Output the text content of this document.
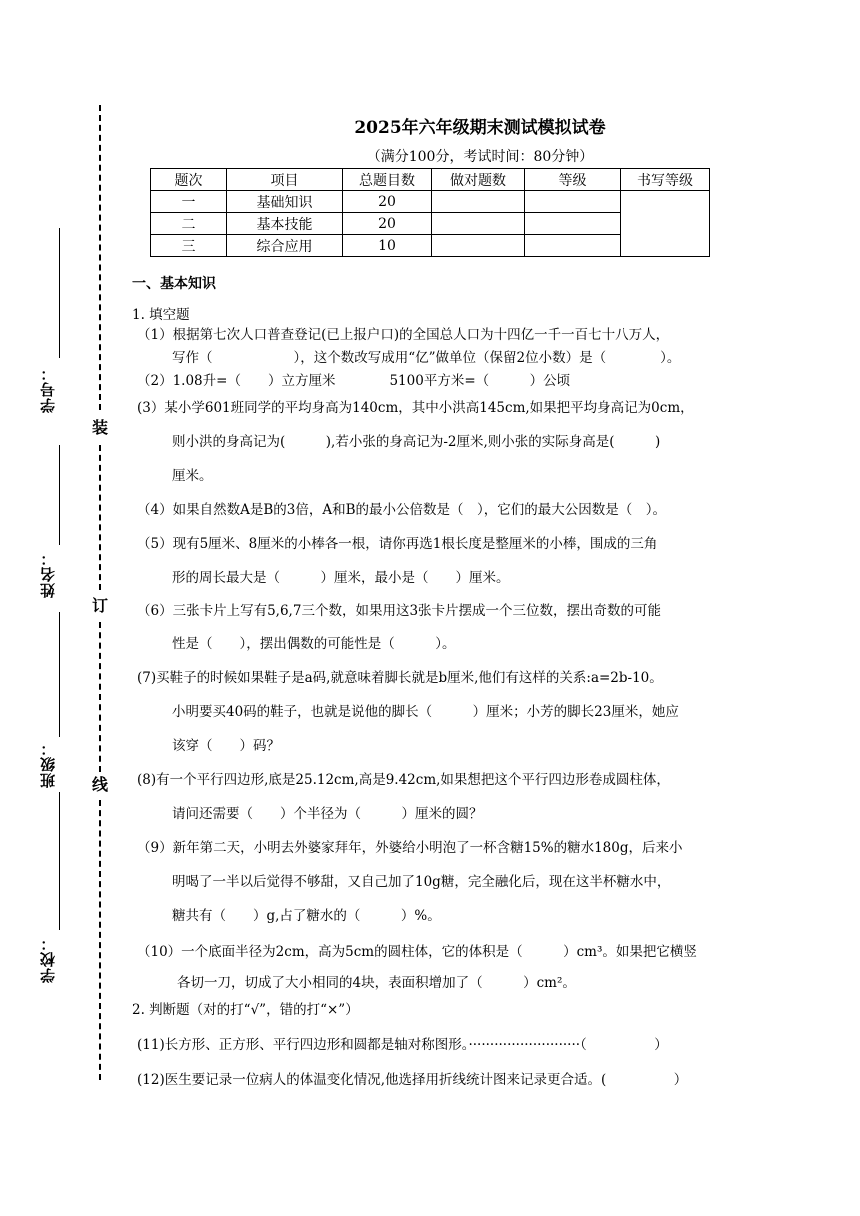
装
订
线
学号：
姓名：
班级：
学校：
2025年六年级期末测试模拟试卷
（满分100分，考试时间：80分钟）
题次	项目	总题目数	做对题数	等级	书写等级
一	基础知识	20			
二	基本技能	20			
三	综合应用	10			
一、基本知识
1. 填空题
（1）根据第七次人口普查登记(已上报户口)的全国总人口为十四亿一千一百七十八万人，
写作（　　　　　　），这个数改写成用“亿”做单位（保留2位小数）是（　　　　）。
（2）1.08升=（　　）立方厘米　　　　5100平方米=（　　　）公顷
(3）某小学601班同学的平均身高为140cm，其中小洪高145cm,如果把平均身高记为0cm，
则小洪的身高记为(　　　),若小张的身高记为-2厘米,则小张的实际身高是(　　　)
厘米。
（4）如果自然数A是B的3倍，A和B的最小公倍数是（　），它们的最大公因数是（　）。
（5）现有5厘米、8厘米的小棒各一根，请你再选1根长度是整厘米的小棒，围成的三角
形的周长最大是（　　　）厘米，最小是（　　）厘米。
（6）三张卡片上写有5,6,7三个数，如果用这3张卡片摆成一个三位数，摆出奇数的可能
性是（　　），摆出偶数的可能性是（　　　）。
(7)买鞋子的时候如果鞋子是a码,就意味着脚长就是b厘米,他们有这样的关系:a=2b-10。
小明要买40码的鞋子，也就是说他的脚长（　　　）厘米；小芳的脚长23厘米，她应
该穿（　　）码？
(8)有一个平行四边形,底是25.12cm,高是9.42cm,如果想把这个平行四边形卷成圆柱体，
请问还需要（　　）个半径为（　　　）厘米的圆？
（9）新年第二天，小明去外婆家拜年，外婆给小明泡了一杯含糖15%的糖水180g，后来小
明喝了一半以后觉得不够甜，又自己加了10g糖，完全融化后，现在这半杯糖水中，
糖共有（　　）g,占了糖水的（　　　）%。
（10）一个底面半径为2cm，高为5cm的圆柱体，它的体积是（　　　）cm³。如果把它横竖
各切一刀，切成了大小相同的4块，表面积增加了（　　　）cm²。
2. 判断题（对的打“√”，错的打“×”）
(11)长方形、正方形、平行四边形和圆都是轴对称图形。··························（　　　　　）
(12)医生要记录一位病人的体温变化情况,他选择用折线统计图来记录更合适。(　　　　　）
